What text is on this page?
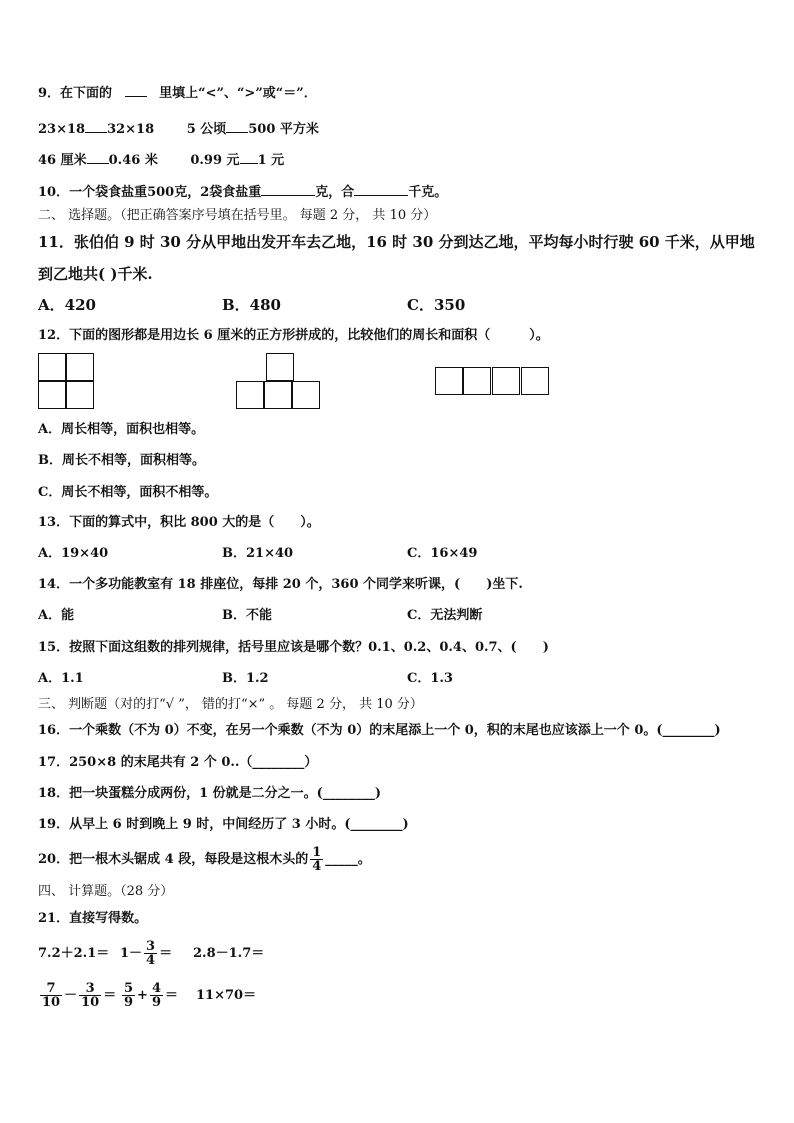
9．在下面的	里填上“<”、“>”或“＝”．
23×18 32×18	5 公顷 500 平方米
46 厘米 0.46 米	0.99 元 1 元
10．一个袋食盐重500克，2袋食盐重	克，合	千克。
二、 选择题。（把正确答案序号填在括号里。 每题 2 分， 共 10 分）
11．张伯伯 9 时 30 分从甲地出发开车去乙地，16 时 30 分到达乙地，平均每小时行驶 60 千米，从甲地
到乙地共( )千米.
A．420	B．480	C．350
12．下面的图形都是用边长 6 厘米的正方形拼成的，比较他们的周长和面积（　　　）。
A．周长相等，面积也相等。
B．周长不相等，面积相等。
C．周长不相等，面积不相等。
13．下面的算式中，积比 800 大的是（　　）。
A．19×40	B．21×40	C．16×49
14．一个多功能教室有 18 排座位，每排 20 个，360 个同学来听课，(　　)坐下.
A．能	B．不能	C．无法判断
15．按照下面这组数的排列规律，括号里应该是哪个数？0.1、0.2、0.4、0.7、(　　)
A．1.1	B．1.2	C．1.3
三、 判断题（对的打“√ ”， 错的打“×” 。 每题 2 分， 共 10 分）
16．一个乘数（不为 0）不变，在另一个乘数（不为 0）的末尾添上一个 0，积的末尾也应该添上一个 0。(________)
17．250×8 的末尾共有 2 个 0..（________）
18．把一块蛋糕分成两份，1 份就是二分之一。(________)
19．从早上 6 时到晚上 9 时，中间经历了 3 小时。(________)
20．把一根木头锯成 4 段，每段是这根木头的 $\frac{1}{4}$ _____。
四、 计算题。（28 分）
21．直接写得数。
$7.2+2.1= 1- \frac{3}{4} = 2.8-1.7=$
$\frac{7}{10} - \frac{3}{10} = \frac{5}{9} + \frac{4}{9} = 11\times 70=$
